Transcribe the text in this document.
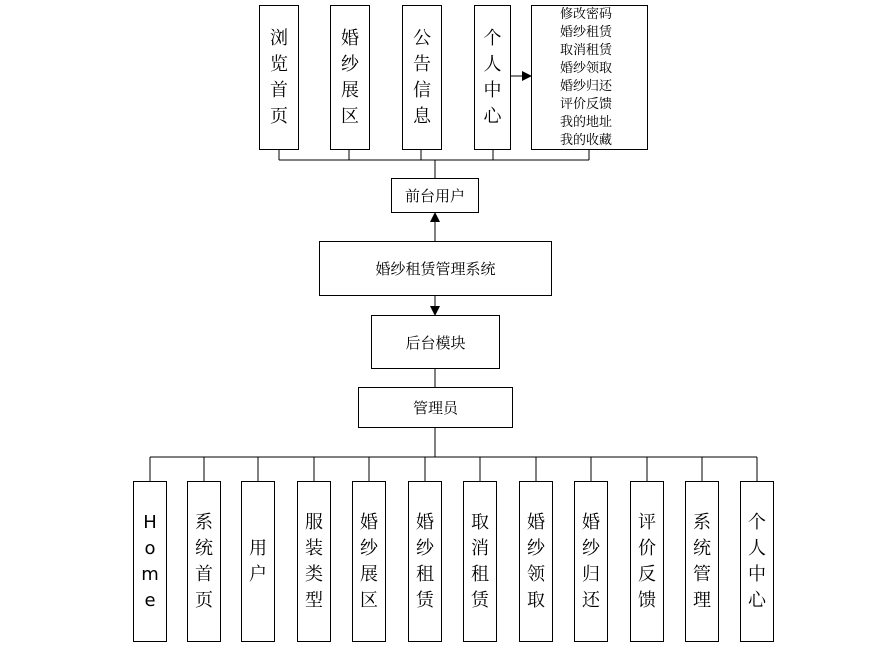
浏
览
首
页
婚
纱
展
区
公
告
信
息
个
人
中
心
修改密码
婚纱租赁
取消租赁
婚纱领取
婚纱归还
评价反馈
我的地址
我的收藏
前台用户
婚纱租赁管理系统
后台模块
管理员
H
o
m
e
系
统
首
页
用
户
服
装
类
型
婚
纱
展
区
婚
纱
租
赁
取
消
租
赁
婚
纱
领
取
婚
纱
归
还
评
价
反
馈
系
统
管
理
个
人
中
心
